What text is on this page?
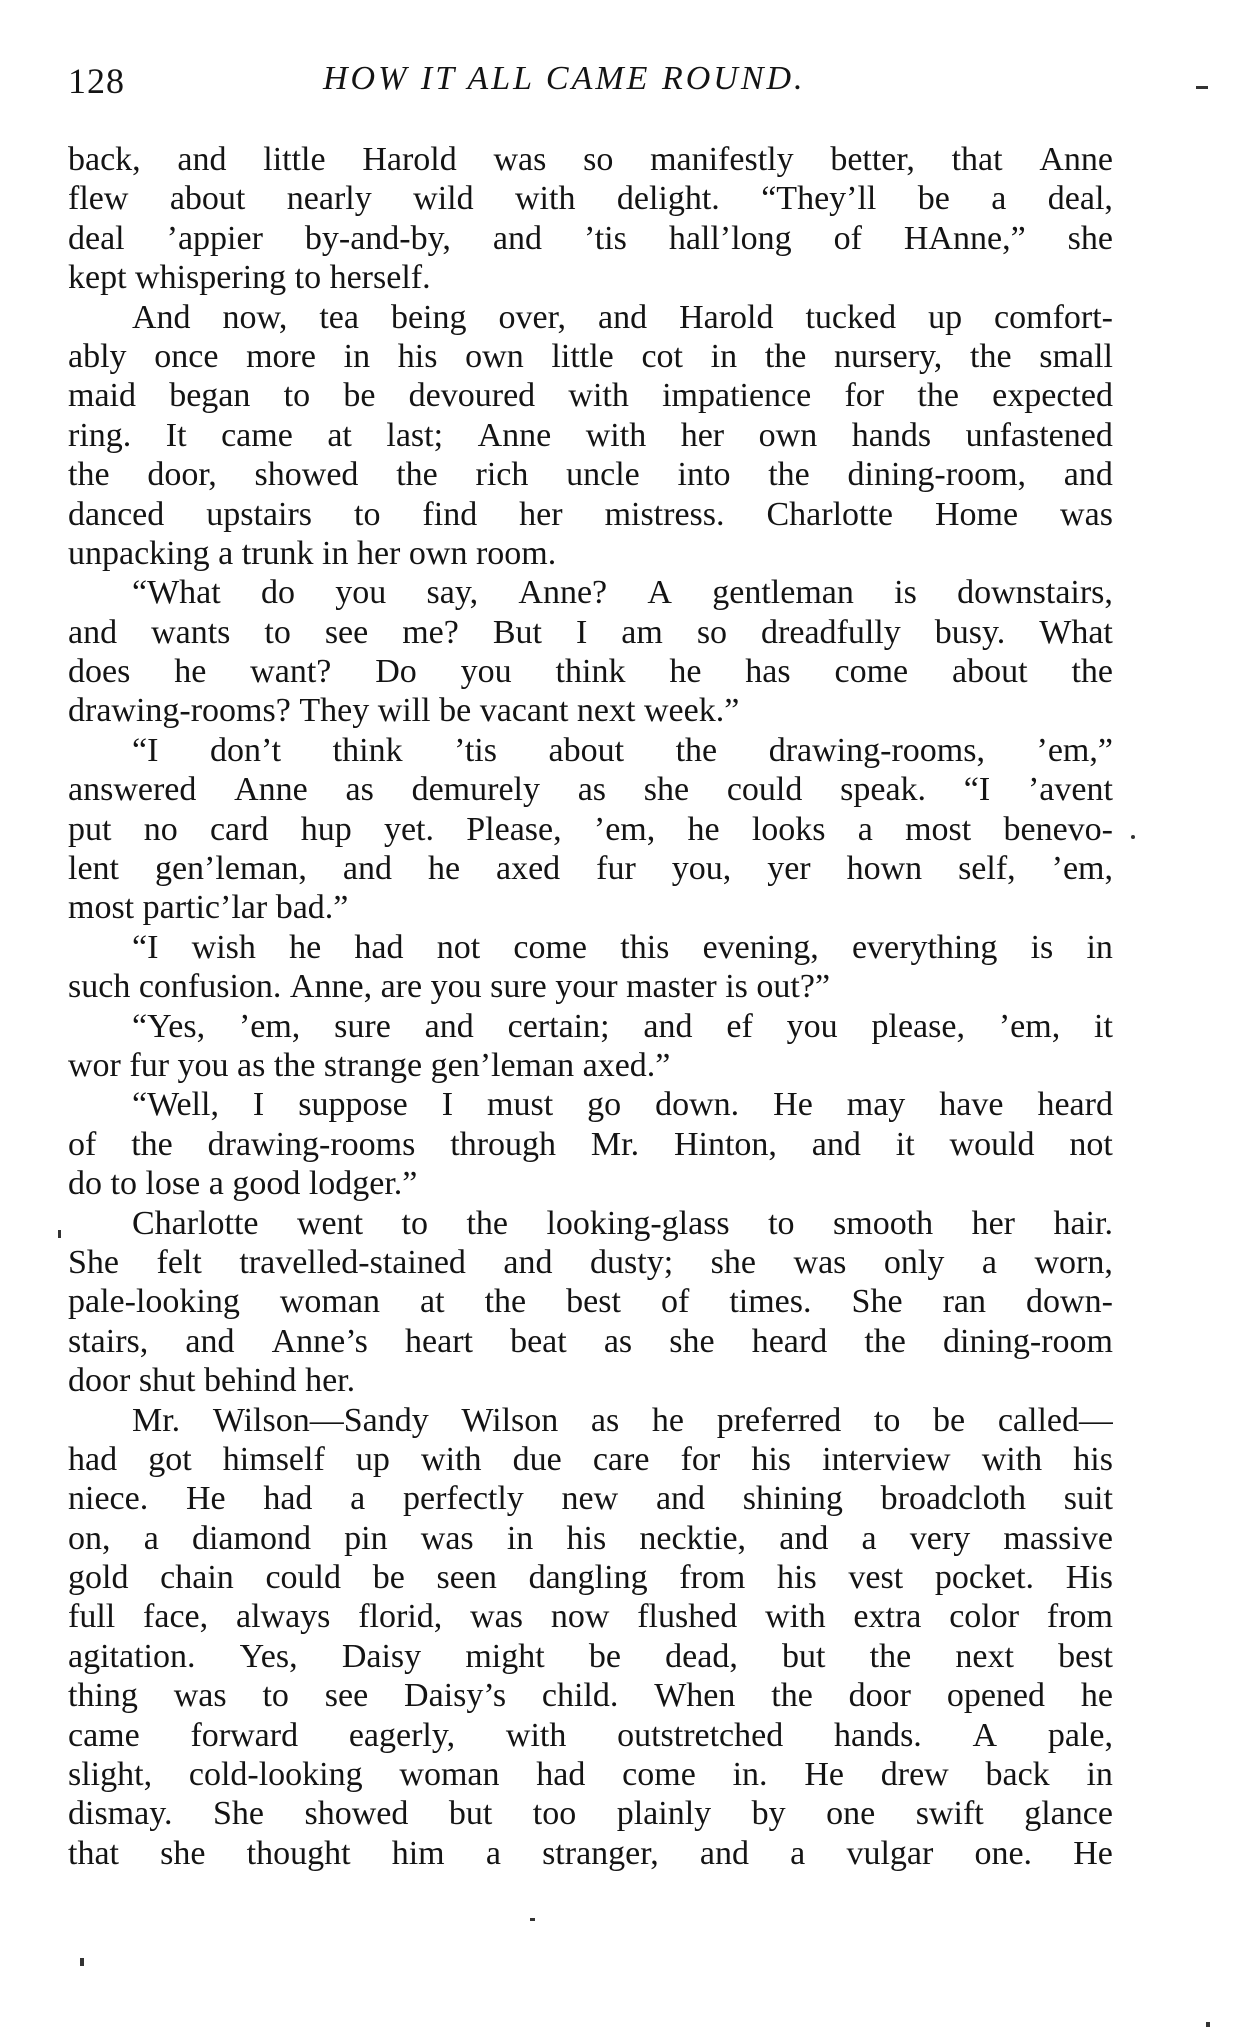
128	HOW IT ALL CAME ROUND.
back, and little Harold was so manifestly better, that Anne
flew about nearly wild with delight. “They’ll be a deal,
deal ’appier by-and-by, and ’tis hall’long of HAnne,” she
kept whispering to herself.
And now, tea being over, and Harold tucked up comfort-
ably once more in his own little cot in the nursery, the small
maid began to be devoured with impatience for the expected
ring. It came at last; Anne with her own hands unfastened
the door, showed the rich uncle into the dining-room, and
danced upstairs to find her mistress. Charlotte Home was
unpacking a trunk in her own room.
“What do you say, Anne? A gentleman is downstairs,
and wants to see me? But I am so dreadfully busy. What
does he want? Do you think he has come about the
drawing-rooms? They will be vacant next week.”
“I don’t think ’tis about the drawing-rooms, ’em,”
answered Anne as demurely as she could speak. “I ’avent
put no card hup yet. Please, ’em, he looks a most benevo-
lent gen’leman, and he axed fur you, yer hown self, ’em,
most partic’lar bad.”
“I wish he had not come this evening, everything is in
such confusion. Anne, are you sure your master is out?”
“Yes, ’em, sure and certain; and ef you please, ’em, it
wor fur you as the strange gen’leman axed.”
“Well, I suppose I must go down. He may have heard
of the drawing-rooms through Mr. Hinton, and it would not
do to lose a good lodger.”
Charlotte went to the looking-glass to smooth her hair.
She felt travelled-stained and dusty; she was only a worn,
pale-looking woman at the best of times. She ran down-
stairs, and Anne’s heart beat as she heard the dining-room
door shut behind her.
Mr. Wilson—Sandy Wilson as he preferred to be called—
had got himself up with due care for his interview with his
niece. He had a perfectly new and shining broadcloth suit
on, a diamond pin was in his necktie, and a very massive
gold chain could be seen dangling from his vest pocket. His
full face, always florid, was now flushed with extra color from
agitation. Yes, Daisy might be dead, but the next best
thing was to see Daisy’s child. When the door opened he
came forward eagerly, with outstretched hands. A pale,
slight, cold-looking woman had come in. He drew back in
dismay. She showed but too plainly by one swift glance
that she thought him a stranger, and a vulgar one. He
